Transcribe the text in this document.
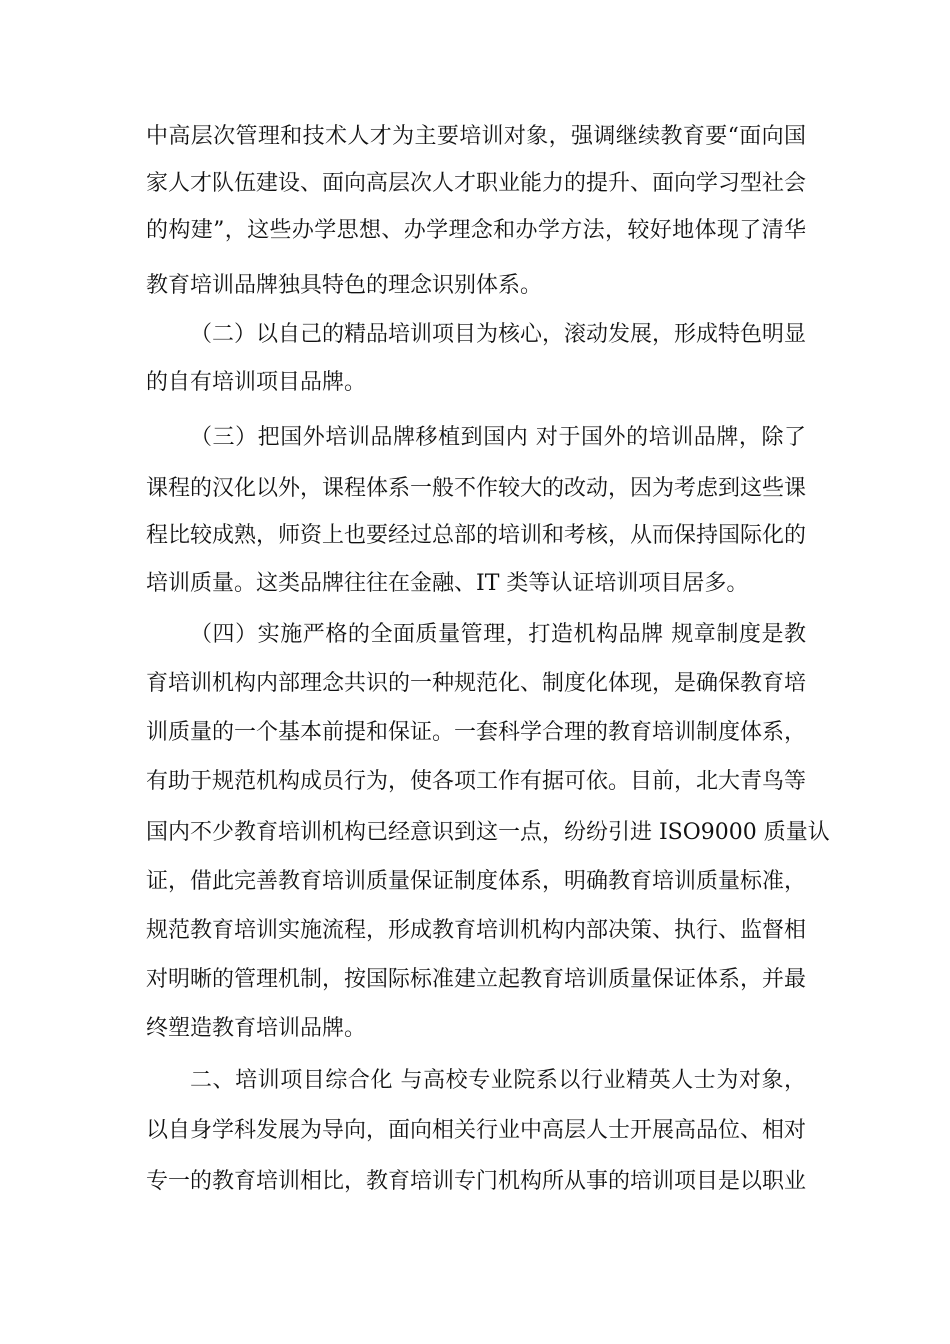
中高层次管理和技术人才为主要培训对象，强调继续教育要“面向国
家人才队伍建设、面向高层次人才职业能力的提升、面向学习型社会
的构建”，这些办学思想、办学理念和办学方法，较好地体现了清华
教育培训品牌独具特色的理念识别体系。
（二）以自己的精品培训项目为核心，滚动发展，形成特色明显
的自有培训项目品牌。
（三）把国外培训品牌移植到国内 对于国外的培训品牌，除了
课程的汉化以外，课程体系一般不作较大的改动，因为考虑到这些课
程比较成熟，师资上也要经过总部的培训和考核，从而保持国际化的
培训质量。这类品牌往往在金融、IT 类等认证培训项目居多。
（四）实施严格的全面质量管理，打造机构品牌 规章制度是教
育培训机构内部理念共识的一种规范化、制度化体现，是确保教育培
训质量的一个基本前提和保证。一套科学合理的教育培训制度体系，
有助于规范机构成员行为，使各项工作有据可依。目前，北大青鸟等
国内不少教育培训机构已经意识到这一点，纷纷引进 ISO9000 质量认
证，借此完善教育培训质量保证制度体系，明确教育培训质量标准，
规范教育培训实施流程，形成教育培训机构内部决策、执行、监督相
对明晰的管理机制，按国际标准建立起教育培训质量保证体系，并最
终塑造教育培训品牌。
二、培训项目综合化 与高校专业院系以行业精英人士为对象，
以自身学科发展为导向，面向相关行业中高层人士开展高品位、相对
专一的教育培训相比，教育培训专门机构所从事的培训项目是以职业
